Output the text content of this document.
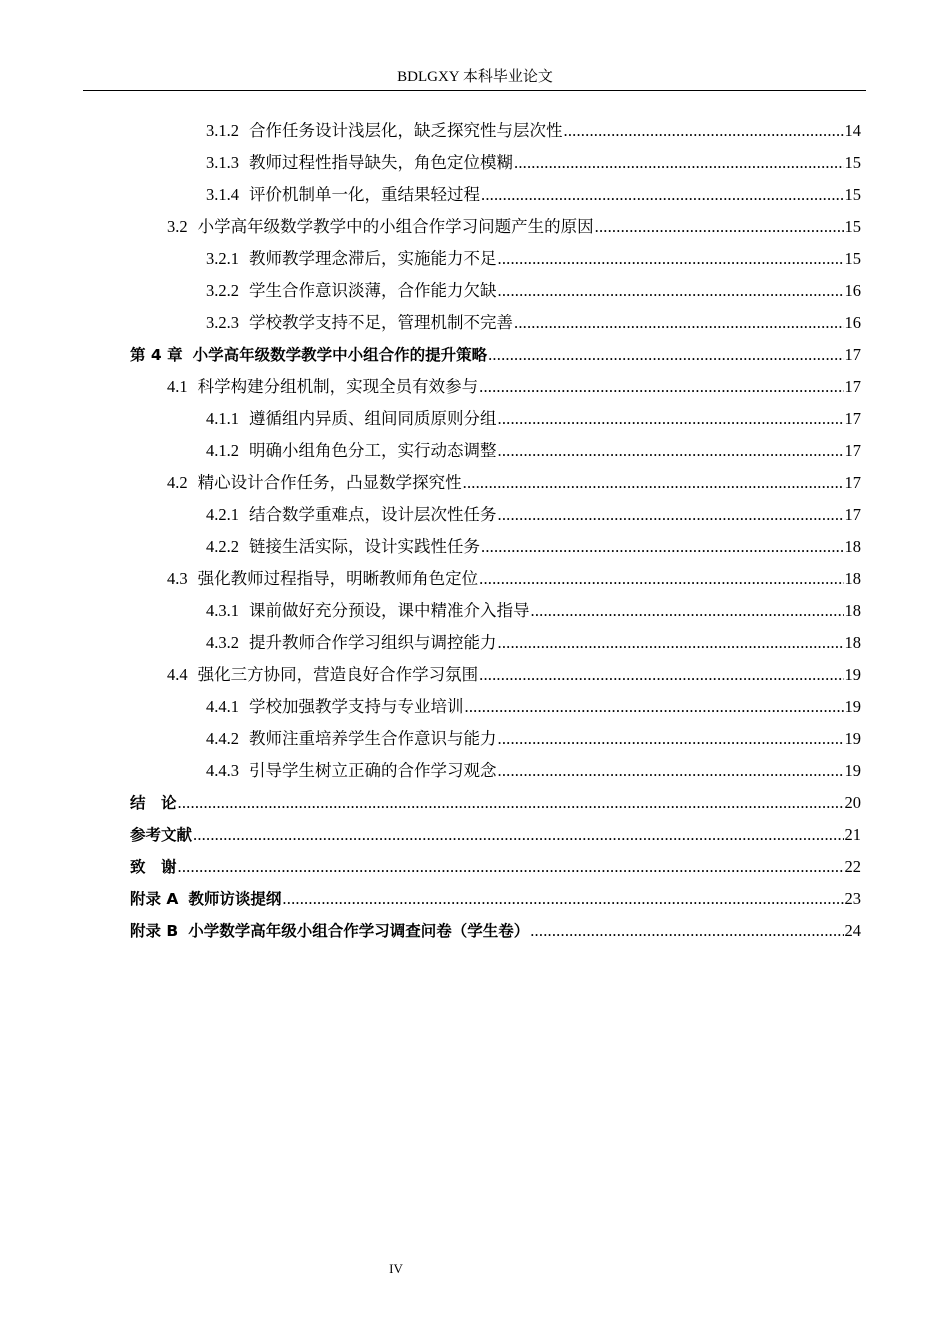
BDLGXY 本科毕业论文
3.1.2 合作任务设计浅层化，缺乏探究性与层次性 .....	14
3.1.3 教师过程性指导缺失，角色定位模糊 .....	15
3.1.4 评价机制单一化，重结果轻过程 .....	15
3.2 小学高年级数学教学中的小组合作学习问题产生的原因 .....	15
3.2.1 教师教学理念滞后，实施能力不足 .....	15
3.2.2 学生合作意识淡薄，合作能力欠缺 .....	16
3.2.3 学校教学支持不足，管理机制不完善 .....	16
第 4 章 小学高年级数学教学中小组合作的提升策略 .....	17
4.1 科学构建分组机制，实现全员有效参与 .....	17
4.1.1 遵循组内异质、组间同质原则分组 .....	17
4.1.2 明确小组角色分工，实行动态调整 .....	17
4.2 精心设计合作任务，凸显数学探究性 .....	17
4.2.1 结合数学重难点，设计层次性任务 .....	17
4.2.2 链接生活实际，设计实践性任务 .....	18
4.3 强化教师过程指导，明晰教师角色定位 .....	18
4.3.1 课前做好充分预设，课中精准介入指导 .....	18
4.3.2 提升教师合作学习组织与调控能力 .....	18
4.4 强化三方协同，营造良好合作学习氛围 .....	19
4.4.1 学校加强教学支持与专业培训 .....	19
4.4.2 教师注重培养学生合作意识与能力 .....	19
4.4.3 引导学生树立正确的合作学习观念 .....	19
结　论 .....	20
参考文献 .....	21
致　谢 .....	22
附录 A 教师访谈提纲 .....	23
附录 B 小学数学高年级小组合作学习调查问卷（学生卷） .....	24
IV
